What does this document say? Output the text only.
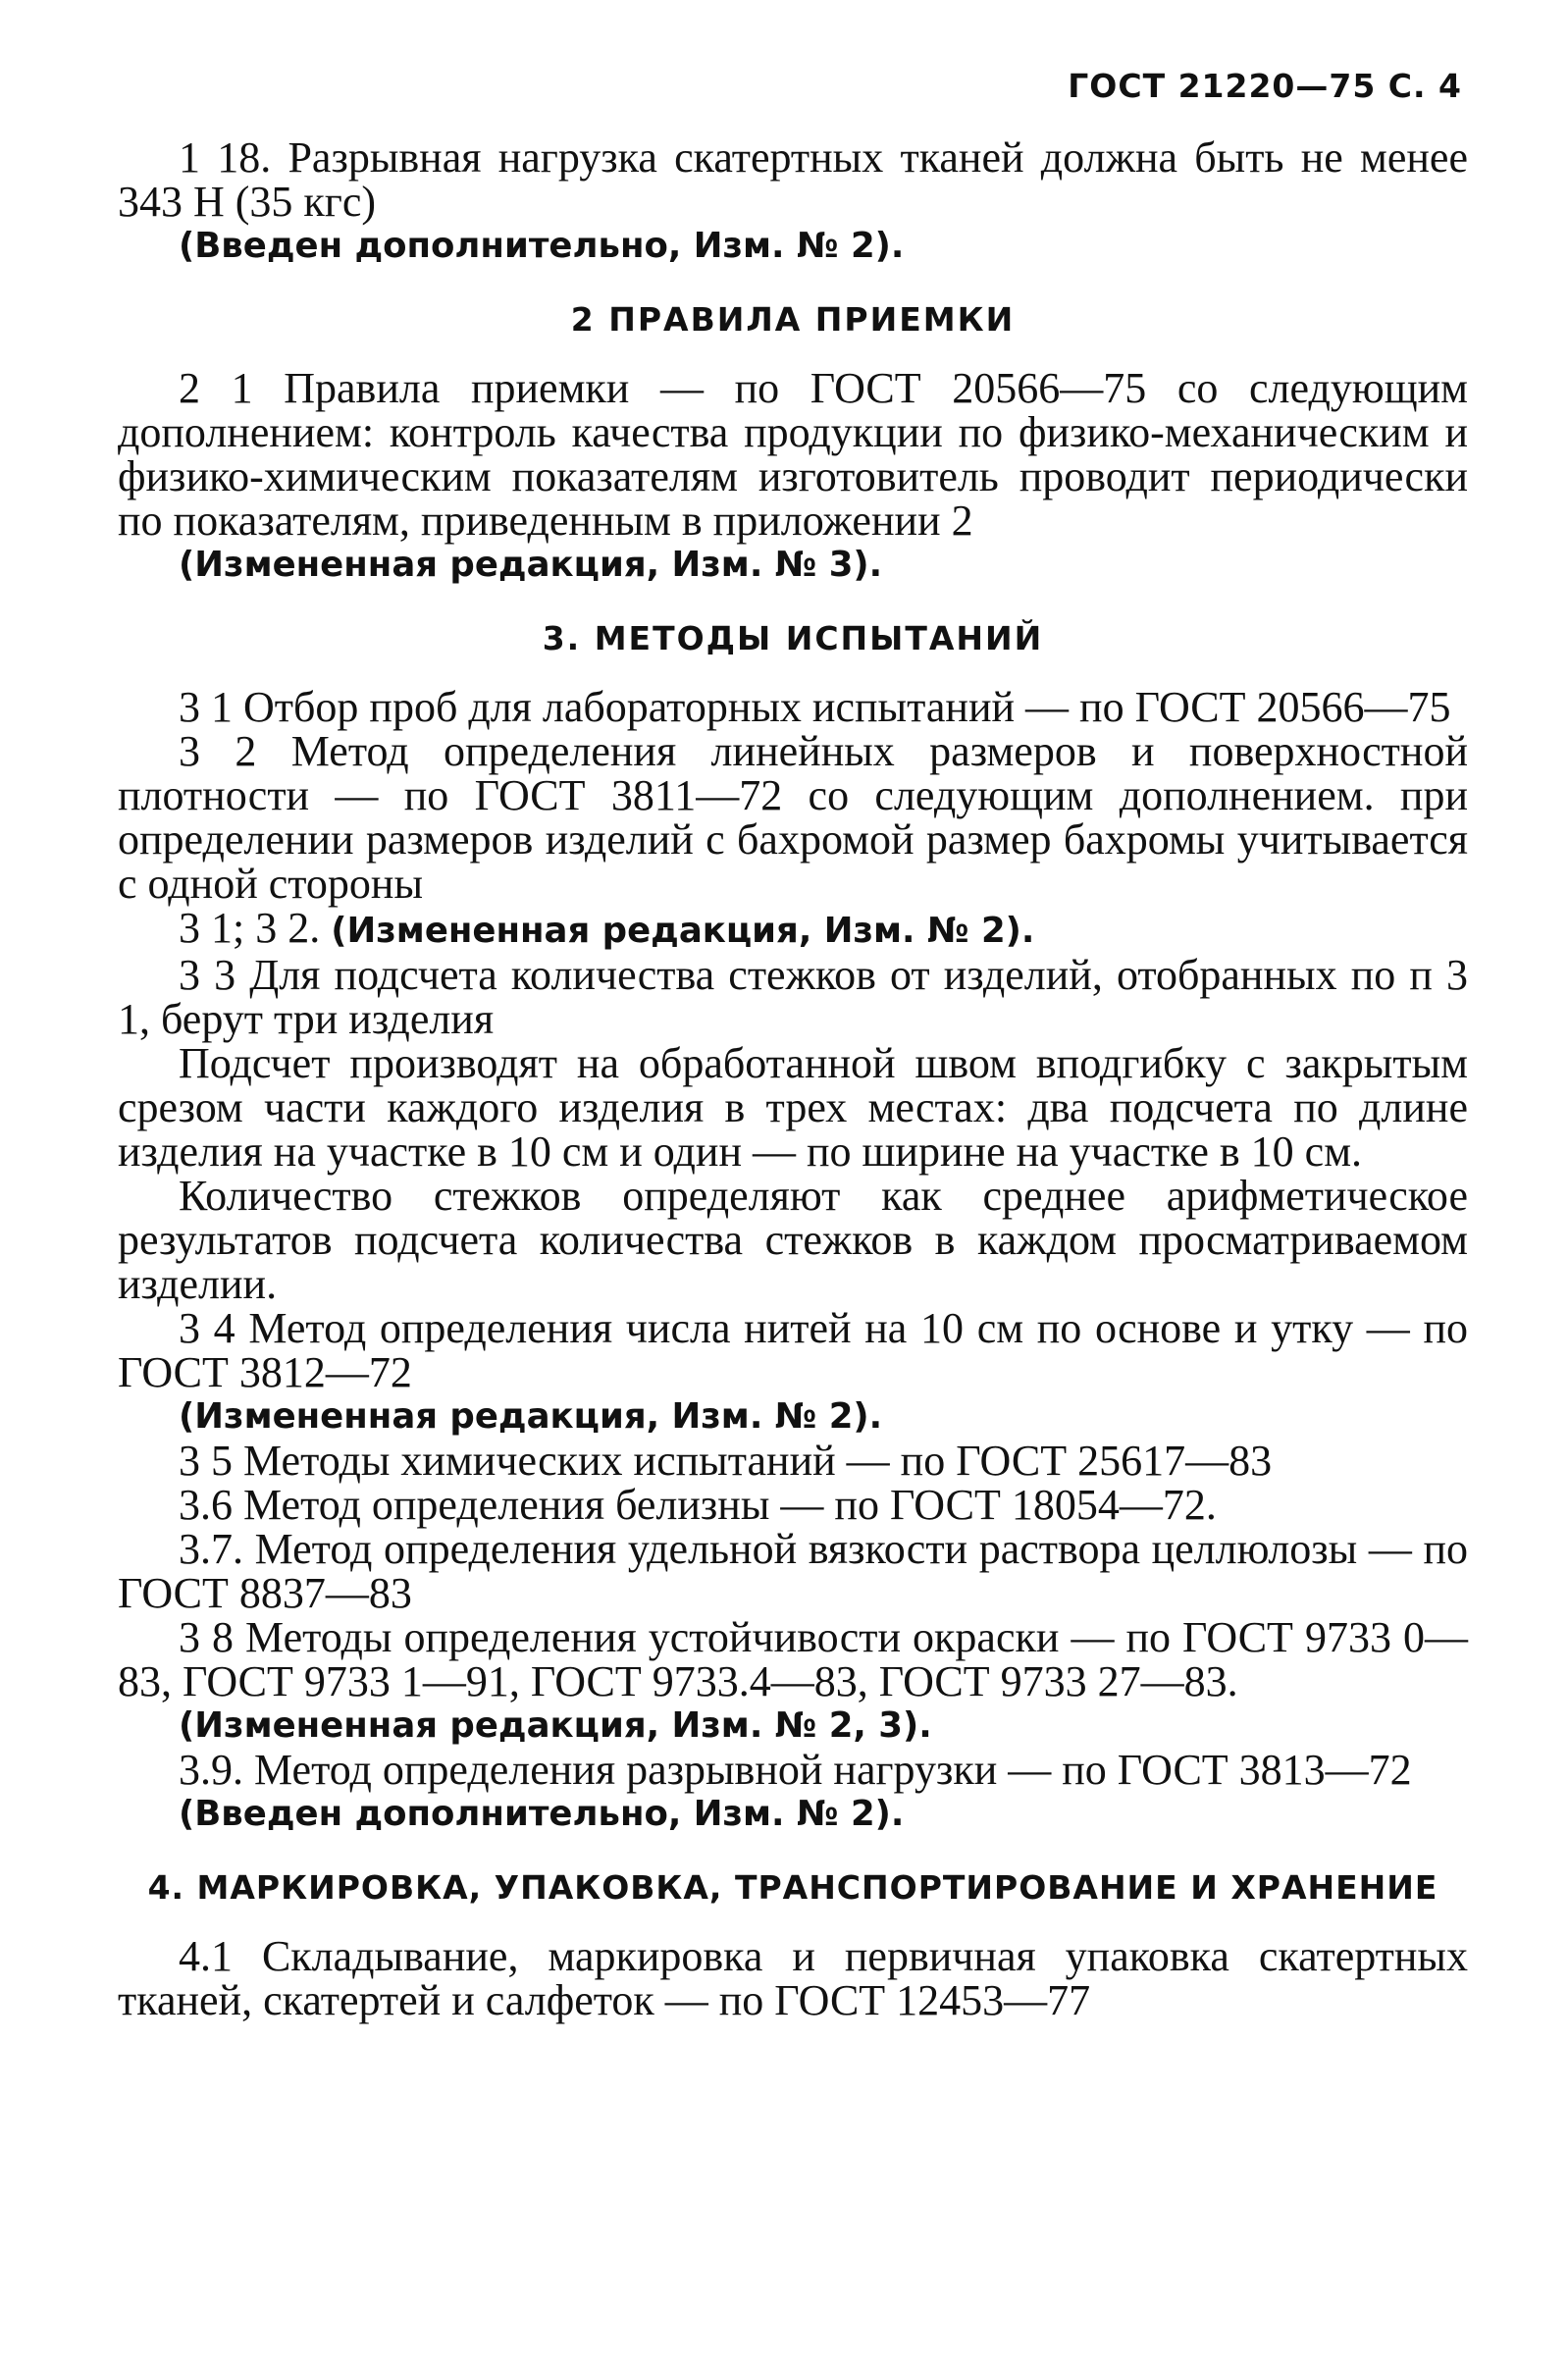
ГОСТ 21220—75 С. 4

1 18. Разрывная нагрузка скатертных тканей должна быть не менее 343 Н (35 кгс)

(Введен дополнительно, Изм. № 2).

2 ПРАВИЛА ПРИЕМКИ

2 1 Правила приемки — по ГОСТ 20566—75 со следующим дополнением: контроль качества продукции по физико-механическим и физико-химическим показателям изготовитель проводит периодически по показателям, приведенным в приложении 2

(Измененная редакция, Изм. № 3).

3. МЕТОДЫ ИСПЫТАНИЙ

3 1 Отбор проб для лабораторных испытаний — по ГОСТ 20566—75

3 2 Метод определения линейных размеров и поверхностной плотности — по ГОСТ 3811—72 со следующим дополнением. при определении размеров изделий с бахромой размер бахромы учитывается с одной стороны

3 1; 3 2. (Измененная редакция, Изм. № 2).

3 3 Для подсчета количества стежков от изделий, отобранных по п 3 1, берут три изделия

Подсчет производят на обработанной швом вподгибку с закрытым срезом части каждого изделия в трех местах: два подсчета по длине изделия на участке в 10 см и один — по ширине на участке в 10 см.

Количество стежков определяют как среднее арифметическое результатов подсчета количества стежков в каждом просматриваемом изделии.

3 4 Метод определения числа нитей на 10 см по основе и утку — по ГОСТ 3812—72

(Измененная редакция, Изм. № 2).

3 5 Методы химических испытаний — по ГОСТ 25617—83

3.6 Метод определения белизны — по ГОСТ 18054—72.

3.7. Метод определения удельной вязкости раствора целлюлозы — по ГОСТ 8837—83

3 8 Методы определения устойчивости окраски — по ГОСТ 9733 0—83, ГОСТ 9733 1—91, ГОСТ 9733.4—83, ГОСТ 9733 27—83.

(Измененная редакция, Изм. № 2, 3).

3.9. Метод определения разрывной нагрузки — по ГОСТ 3813—72

(Введен дополнительно, Изм. № 2).

4. МАРКИРОВКА, УПАКОВКА, ТРАНСПОРТИРОВАНИЕ И ХРАНЕНИЕ

4.1 Складывание, маркировка и первичная упаковка скатертных тканей, скатертей и салфеток — по ГОСТ 12453—77
